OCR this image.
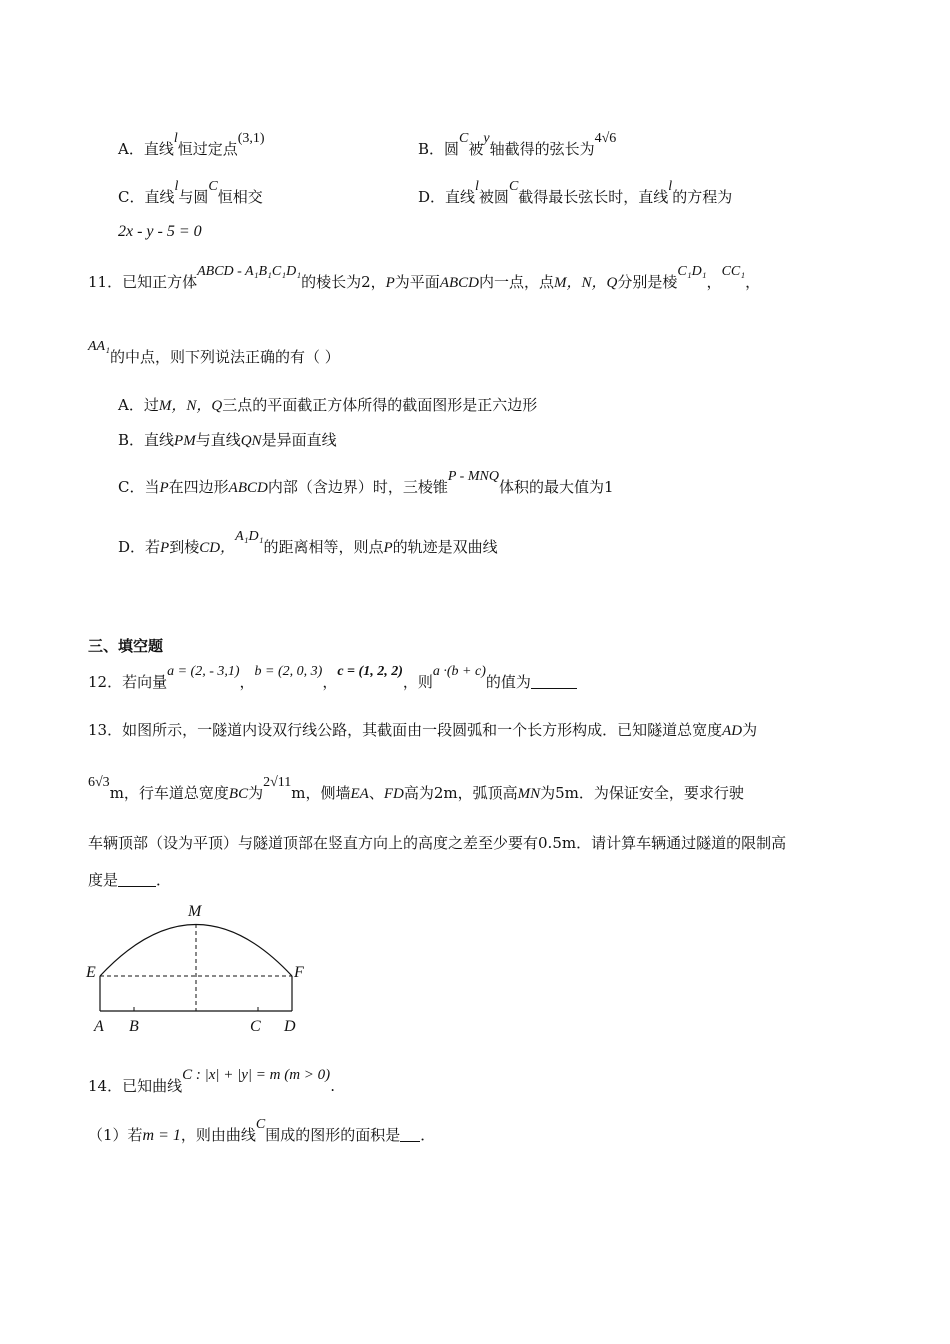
A．直线l恒过定点(3,1)
B．圆C被y轴截得的弦长为4√6
C．直线l与圆C恒相交	D．直线l被圆C截得最长弦长时，直线l的方程为
2x - y - 5 = 0
11．已知正方体ABCD - A₁B₁C₁D₁的棱长为2，P为平面ABCD内一点，点M，N，Q分别是棱C₁D₁，CC₁，
AA₁的中点，则下列说法正确的有（ ）
A．过M，N，Q三点的平面截正方体所得的截面图形是正六边形
B．直线PM与直线QN是异面直线
C．当P在四边形ABCD内部（含边界）时，三棱锥P - MNQ体积的最大值为1
D．若P到棱CD，A₁D₁的距离相等，则点P的轨迹是双曲线
三、填空题
12．若向量a = (2, - 3,1)，b = (2, 0, 3)，c = (1, 2, 2)，则a ·(b + c)的值为
13．如图所示，一隧道内设双行线公路，其截面由一段圆弧和一个长方形构成．已知隧道总宽度AD为
6√3m，行车道总宽度BC为2√11m，侧墙EA、FD高为2m，弧顶高MN为5m．为保证安全，要求行驶
车辆顶部（设为平顶）与隧道顶部在竖直方向上的高度之差至少要有0.5m．请计算车辆通过隧道的限制高
度是	．
M
E	F
A B	C D
14．已知曲线C : |x| + |y| = m (m > 0).
（1）若m = 1，则由曲线C围成的图形的面积是 ．
